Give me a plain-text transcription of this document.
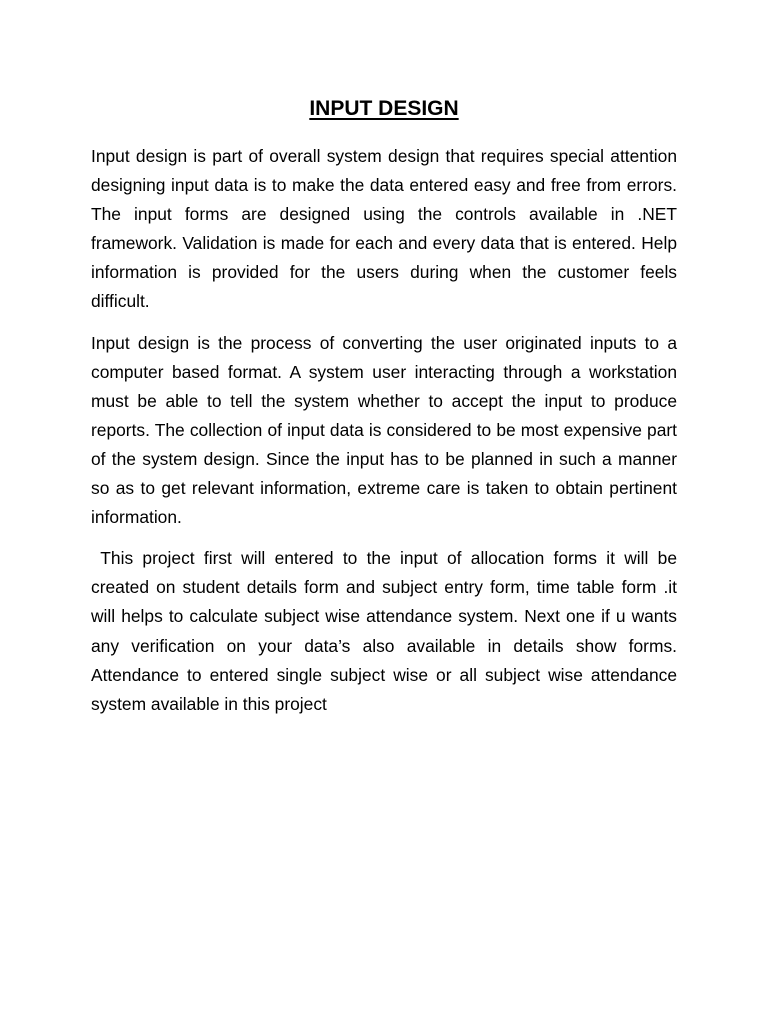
INPUT DESIGN

Input design is part of overall system design that requires special attention designing input data is to make the data entered easy and free from errors. The input forms are designed using the controls available in .NET framework. Validation is made for each and every data that is entered. Help information is provided for the users during when the customer feels difficult.

Input design is the process of converting the user originated inputs to a computer based format. A system user interacting through a workstation must be able to tell the system whether to accept the input to produce reports. The collection of input data is considered to be most expensive part of the system design. Since the input has to be planned in such a manner so as to get relevant information, extreme care is taken to obtain pertinent information.

This project first will entered to the input of allocation forms it will be created on student details form and subject entry form, time table form .it will helps to calculate subject wise attendance system. Next one if u wants any verification on your data’s also available in details show forms. Attendance to entered single subject wise or all subject wise attendance system available in this project
